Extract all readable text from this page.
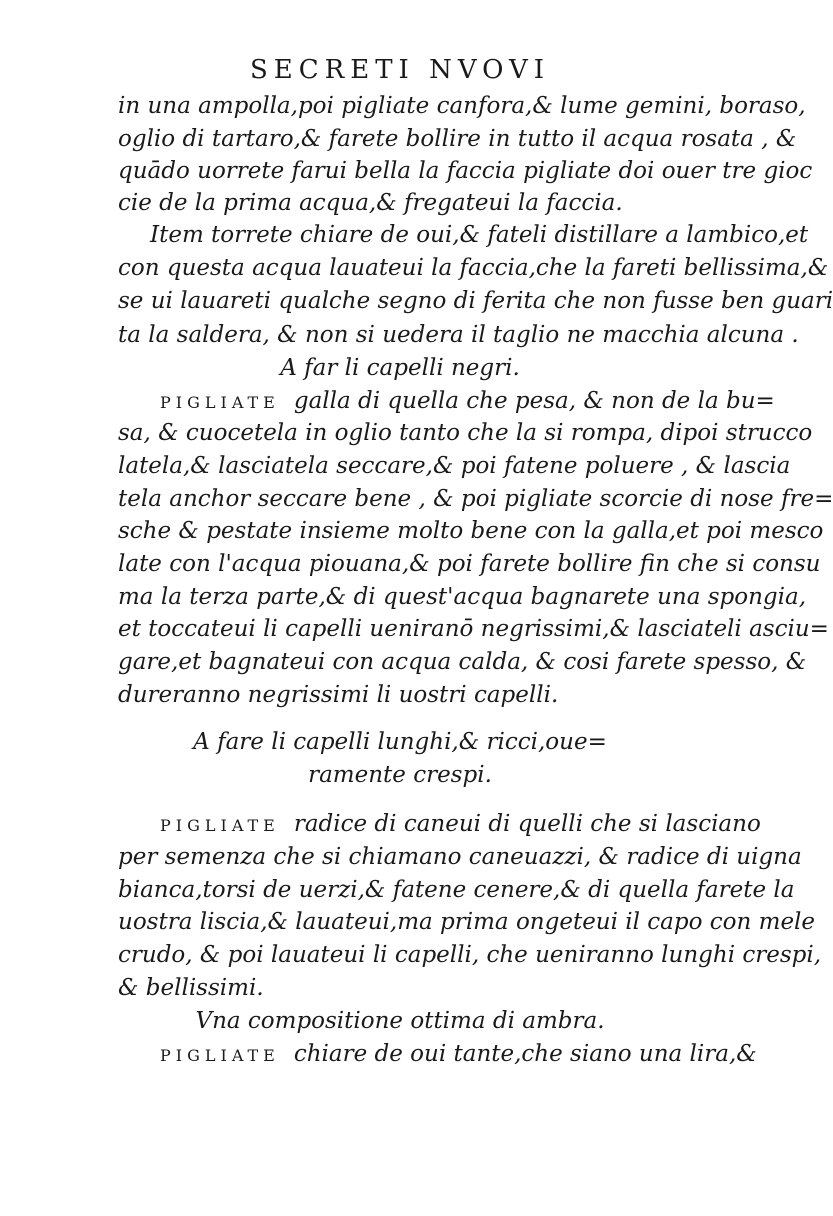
SECRETI NVOVI
in una ampolla,poi pigliate canfora,& lume gemini, boraso,
oglio di tartaro,& farete bollire in tutto il acqua rosata , &
quādo uorrete farui bella la faccia pigliate doi ouer tre gioc
cie de la prima acqua,& fregateui la faccia.
Item torrete chiare de oui,& fateli distillare a lambico,et
con questa acqua lauateui la faccia,che la fareti bellissima,&
se ui lauareti qualche segno di ferita che non fusse ben guari
ta la saldera, & non si uedera il taglio ne macchia alcuna .
A far li capelli negri.
PIGLIATE galla di quella che pesa, & non de la bu=
sa, & cuocetela in oglio tanto che la si rompa, dipoi strucco
latela,& lasciatela seccare,& poi fatene poluere , & lascia
tela anchor seccare bene , & poi pigliate scorcie di nose fre=
sche & pestate insieme molto bene con la galla,et poi mesco
late con l'acqua piouana,& poi farete bollire fin che si consu
ma la terza parte,& di quest'acqua bagnarete una spongia,
et toccateui li capelli ueniranō negrissimi,& lasciateli asciu=
gare,et bagnateui con acqua calda, & cosi farete spesso, &
dureranno negrissimi li uostri capelli.
A fare li capelli lunghi,& ricci,oue=
ramente crespi.
PIGLIATE radice di caneui di quelli che si lasciano
per semenza che si chiamano caneuazzi, & radice di uigna
bianca,torsi de uerzi,& fatene cenere,& di quella farete la
uostra liscia,& lauateui,ma prima ongeteui il capo con mele
crudo, & poi lauateui li capelli, che ueniranno lunghi crespi,
& bellissimi.
Vna compositione ottima di ambra.
PIGLIATE chiare de oui tante,che siano una lira,&
